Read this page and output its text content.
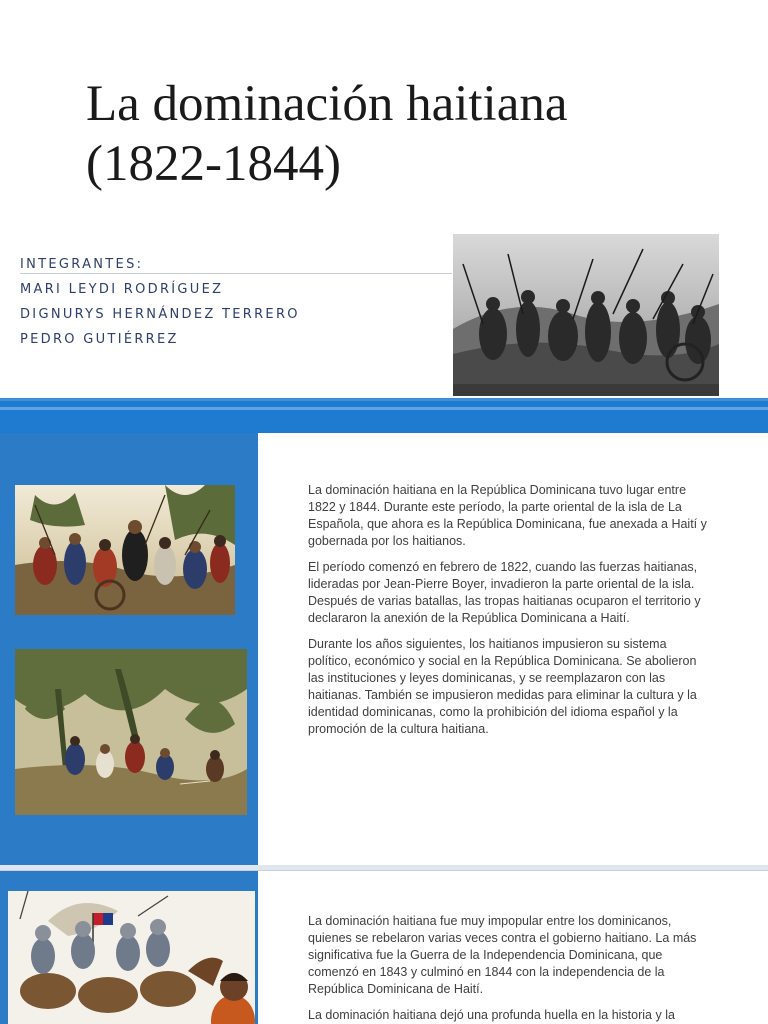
La dominación haitiana
(1822-1844)
INTEGRANTES:
MARI LEYDI RODRÍGUEZ
DIGNURYS HERNÁNDEZ TERRERO
PEDRO GUTIÉRREZ

La dominación haitiana en la República Dominicana tuvo lugar entre 1822 y 1844. Durante este período, la parte oriental de la isla de La Española, que ahora es la República Dominicana, fue anexada a Haití y gobernada por los haitianos.

El período comenzó en febrero de 1822, cuando las fuerzas haitianas, lideradas por Jean-Pierre Boyer, invadieron la parte oriental de la isla. Después de varias batallas, las tropas haitianas ocuparon el territorio y declararon la anexión de la República Dominicana a Haití.

Durante los años siguientes, los haitianos impusieron su sistema político, económico y social en la República Dominicana. Se abolieron las instituciones y leyes dominicanas, y se reemplazaron con las haitianas. También se impusieron medidas para eliminar la cultura y la identidad dominicanas, como la prohibición del idioma español y la promoción de la cultura haitiana.

La dominación haitiana fue muy impopular entre los dominicanos, quienes se rebelaron varias veces contra el gobierno haitiano. La más significativa fue la Guerra de la Independencia Dominicana, que comenzó en 1843 y culminó en 1844 con la independencia de la República Dominicana de Haití.

La dominación haitiana dejó una profunda huella en la historia y la
